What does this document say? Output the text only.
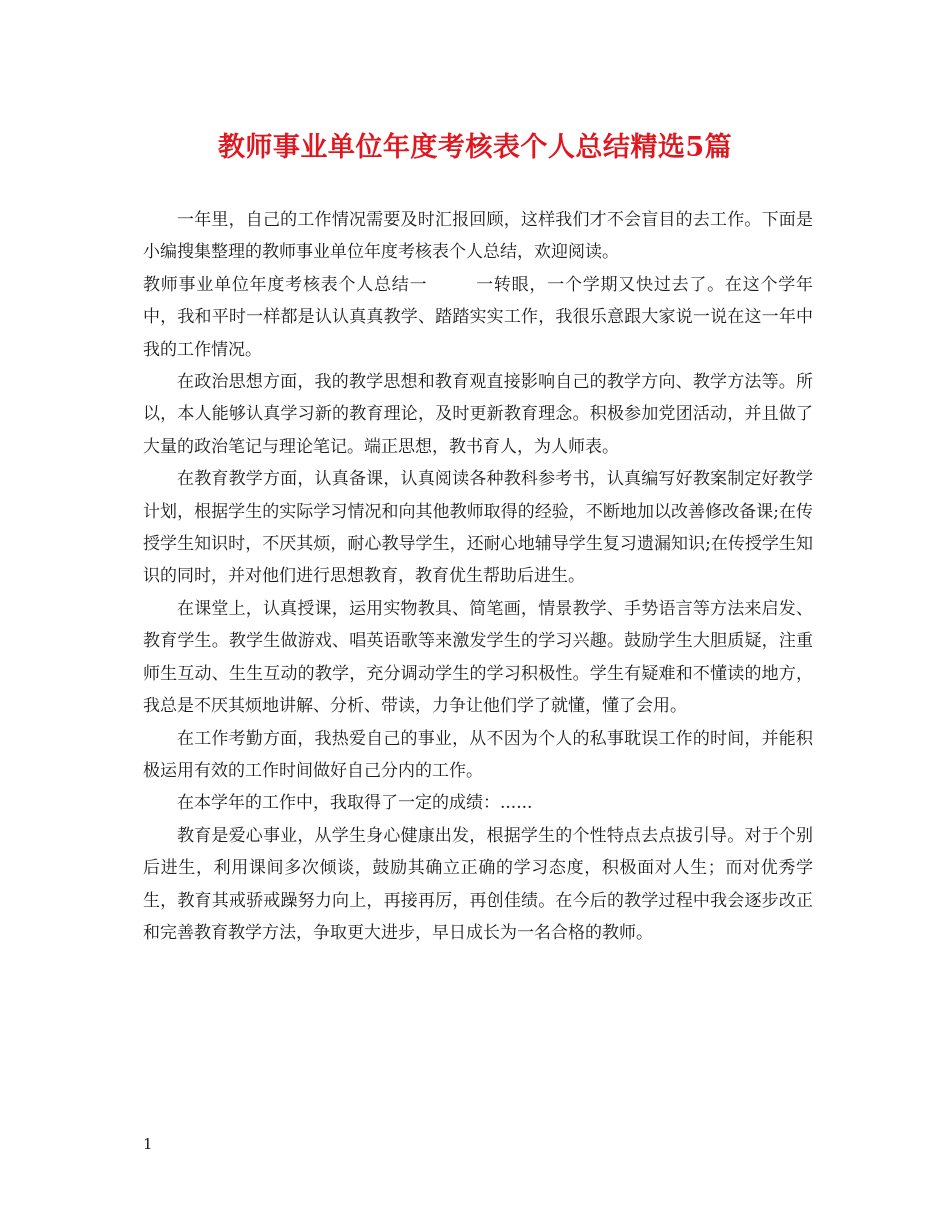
教师事业单位年度考核表个人总结精选5篇

一年里，自己的工作情况需要及时汇报回顾，这样我们才不会盲目的去工作。下面是小编搜集整理的教师事业单位年度考核表个人总结，欢迎阅读。

教师事业单位年度考核表个人总结一	一转眼，一个学期又快过去了。在这个学年中，我和平时一样都是认认真真教学、踏踏实实工作，我很乐意跟大家说一说在这一年中我的工作情况。

在政治思想方面，我的教学思想和教育观直接影响自己的教学方向、教学方法等。所以，本人能够认真学习新的教育理论，及时更新教育理念。积极参加党团活动，并且做了大量的政治笔记与理论笔记。端正思想，教书育人，为人师表。

在教育教学方面，认真备课，认真阅读各种教科参考书，认真编写好教案制定好教学计划，根据学生的实际学习情况和向其他教师取得的经验，不断地加以改善修改备课;在传授学生知识时，不厌其烦，耐心教导学生，还耐心地辅导学生复习遗漏知识;在传授学生知识的同时，并对他们进行思想教育，教育优生帮助后进生。

在课堂上，认真授课，运用实物教具、简笔画，情景教学、手势语言等方法来启发、教育学生。教学生做游戏、唱英语歌等来激发学生的学习兴趣。鼓励学生大胆质疑，注重师生互动、生生互动的教学，充分调动学生的学习积极性。学生有疑难和不懂读的地方，我总是不厌其烦地讲解、分析、带读，力争让他们学了就懂，懂了会用。

在工作考勤方面，我热爱自己的事业，从不因为个人的私事耽误工作的时间，并能积极运用有效的工作时间做好自己分内的工作。

在本学年的工作中，我取得了一定的成绩：......

教育是爱心事业，从学生身心健康出发，根据学生的个性特点去点拔引导。对于个别后进生，利用课间多次倾谈，鼓励其确立正确的学习态度，积极面对人生；而对优秀学生，教育其戒骄戒躁努力向上，再接再厉，再创佳绩。在今后的教学过程中我会逐步改正和完善教育教学方法，争取更大进步，早日成长为一名合格的教师。

1
